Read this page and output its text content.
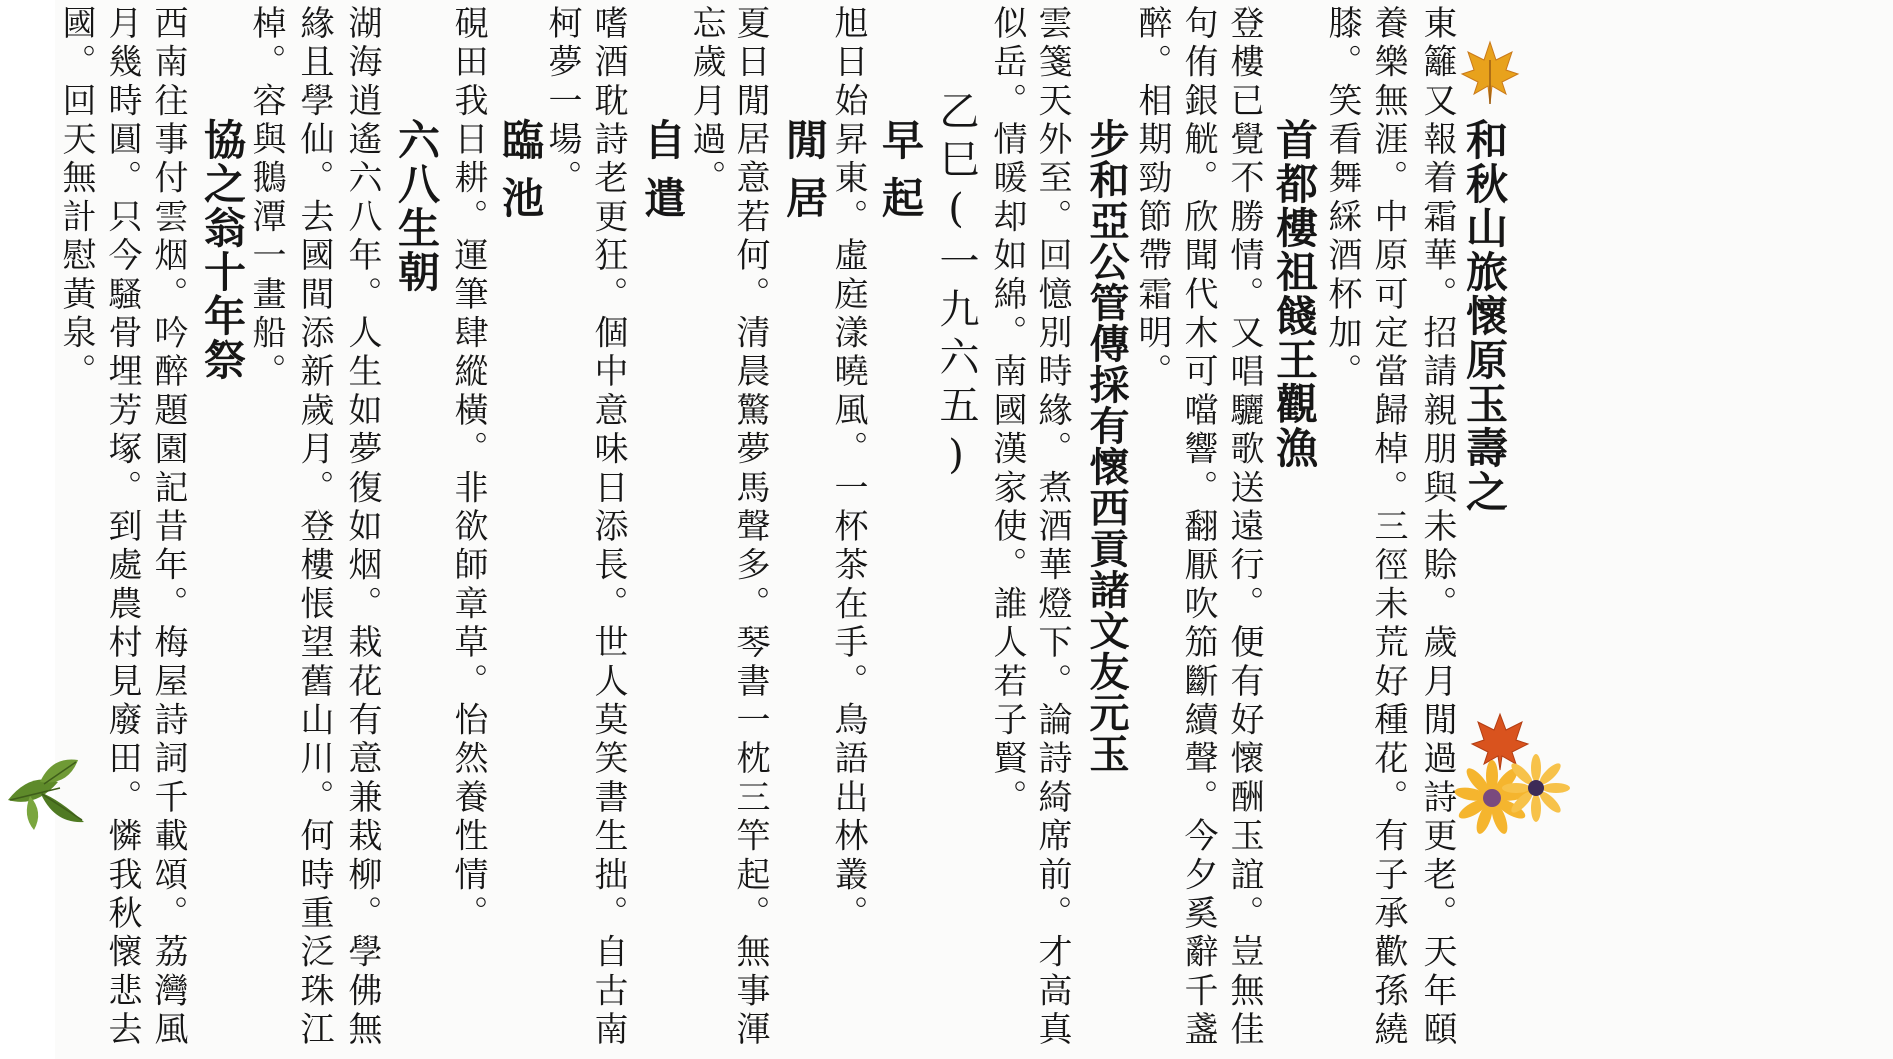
和秋山旅懷原玉壽之
東籬又報着霜華。招請親朋與未賒。歲月閒過詩更老。天年頤
養樂無涯。中原可定當歸棹。三徑未荒好種花。有子承歡孫繞
膝。笑看舞綵酒杯加。
首都樓祖餞王觀漁
登樓已覺不勝情。又唱驪歌送遠行。便有好懷酬玉誼。豈無佳
句侑銀觥。欣聞代木可噹響。翻厭吹笳斷續聲。今夕奚辭千盞
醉。相期勁節帶霜明。
步和亞公管傳採有懷西貢諸文友元玉
雲箋天外至。回憶別時緣。煮酒華燈下。論詩綺席前。才高真
似岳。情暖却如綿。南國漢家使。誰人若子賢。
乙巳(一九六五)
早起
旭日始昇東。虛庭漾曉風。一杯茶在手。鳥語出林叢。
閒居
夏日閒居意若何。清晨驚夢馬聲多。琴書一枕三竿起。無事渾
忘歲月過。
自遣
嗜酒耽詩老更狂。個中意味日添長。世人莫笑書生拙。自古南
柯夢一場。
臨池
硯田我日耕。運筆肆縱橫。非欲師章草。怡然養性情。
六八生朝
湖海逍遙六八年。人生如夢復如烟。栽花有意兼栽柳。學佛無
緣且學仙。去國間添新歲月。登樓悵望舊山川。何時重泛珠江
棹。容與鵝潭一畫船。
協之翁十年祭
西南往事付雲烟。吟醉題園記昔年。梅屋詩詞千載頌。荔灣風
月幾時圓。只今騷骨埋芳塚。到處農村見廢田。憐我秋懷悲去
國。回天無計慰黃泉。
